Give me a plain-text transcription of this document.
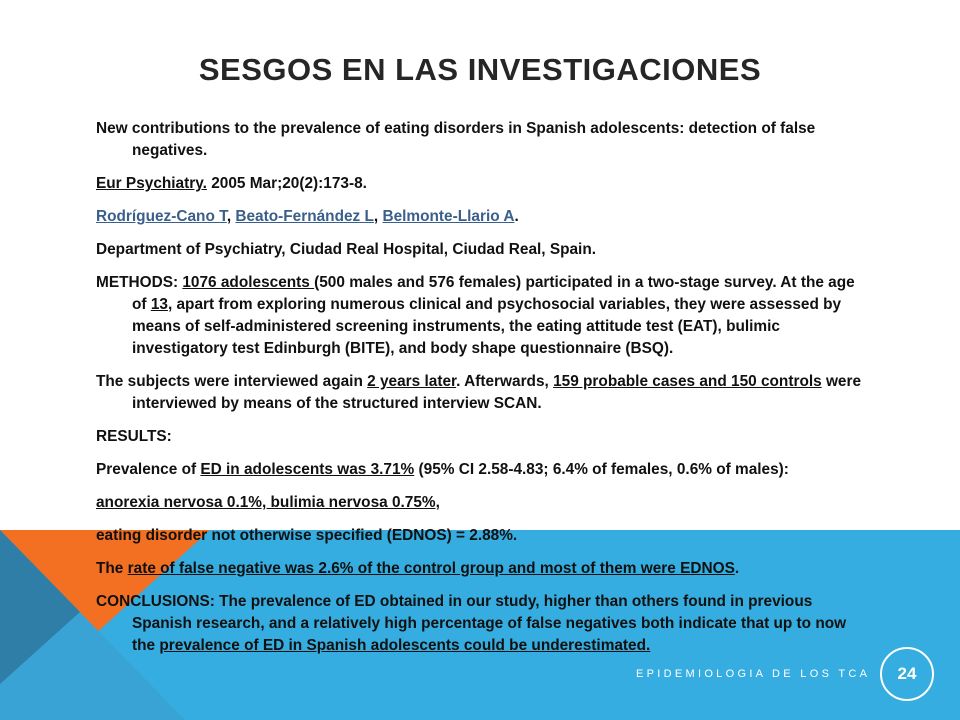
SESGOS EN LAS INVESTIGACIONES

New contributions to the prevalence of eating disorders in Spanish adolescents: detection of false negatives.

Eur Psychiatry. 2005 Mar;20(2):173-8.

Rodríguez-Cano T, Beato-Fernández L, Belmonte-Llario A.

Department of Psychiatry, Ciudad Real Hospital, Ciudad Real, Spain.

METHODS: 1076 adolescents (500 males and 576 females) participated in a two-stage survey. At the age of 13, apart from exploring numerous clinical and psychosocial variables, they were assessed by means of self-administered screening instruments, the eating attitude test (EAT), bulimic investigatory test Edinburgh (BITE), and body shape questionnaire (BSQ).

The subjects were interviewed again 2 years later. Afterwards, 159 probable cases and 150 controls were interviewed by means of the structured interview SCAN.

RESULTS:

Prevalence of ED in adolescents was 3.71% (95% CI 2.58-4.83; 6.4% of females, 0.6% of males):

anorexia nervosa 0.1%, bulimia nervosa 0.75%,

eating disorder not otherwise specified (EDNOS) = 2.88%.

The rate of false negative was 2.6% of the control group and most of them were EDNOS.

CONCLUSIONS: The prevalence of ED obtained in our study, higher than others found in previous Spanish research, and a relatively high percentage of false negatives both indicate that up to now the prevalence of ED in Spanish adolescents could be underestimated.

EPIDEMIOLOGIA DE LOS TCA 24
